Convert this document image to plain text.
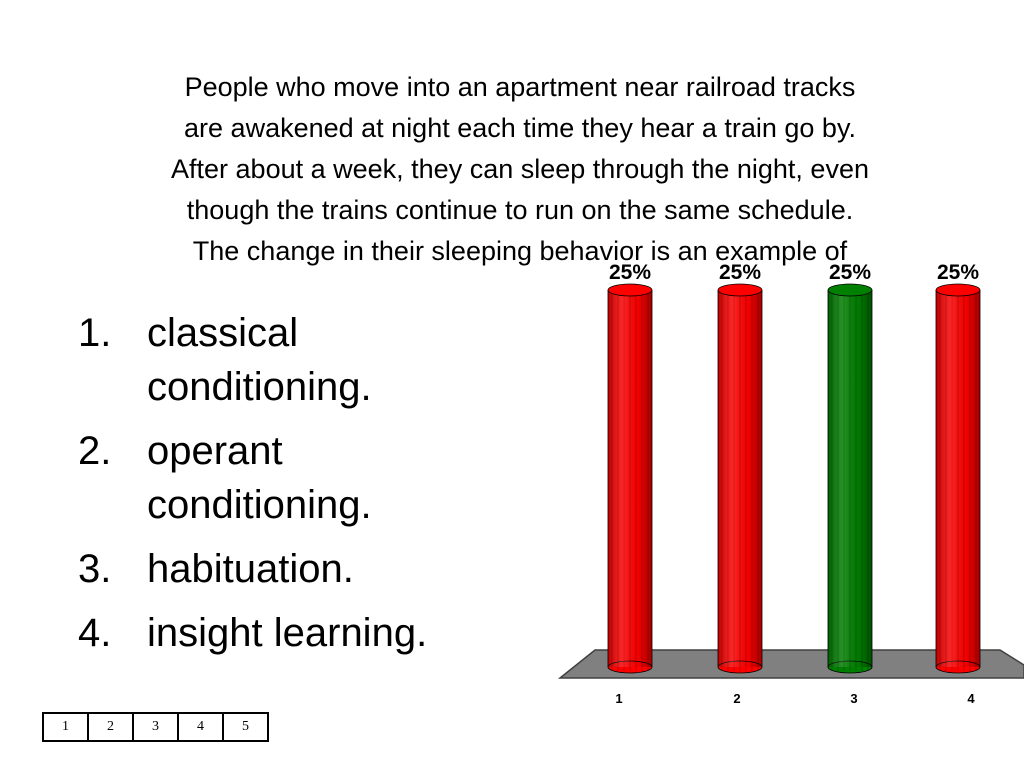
People who move into an apartment near railroad tracks
are awakened at night each time they hear a train go by.
After about a week, they can sleep through the night, even
though the trains continue to run on the same schedule.
The change in their sleeping behavior is an example of
1. classical
conditioning.
2. operant
conditioning.
3. habituation.
4. insight learning.
25%	25%	25%	25%
1	2	3	4
1	2	3	4	5
